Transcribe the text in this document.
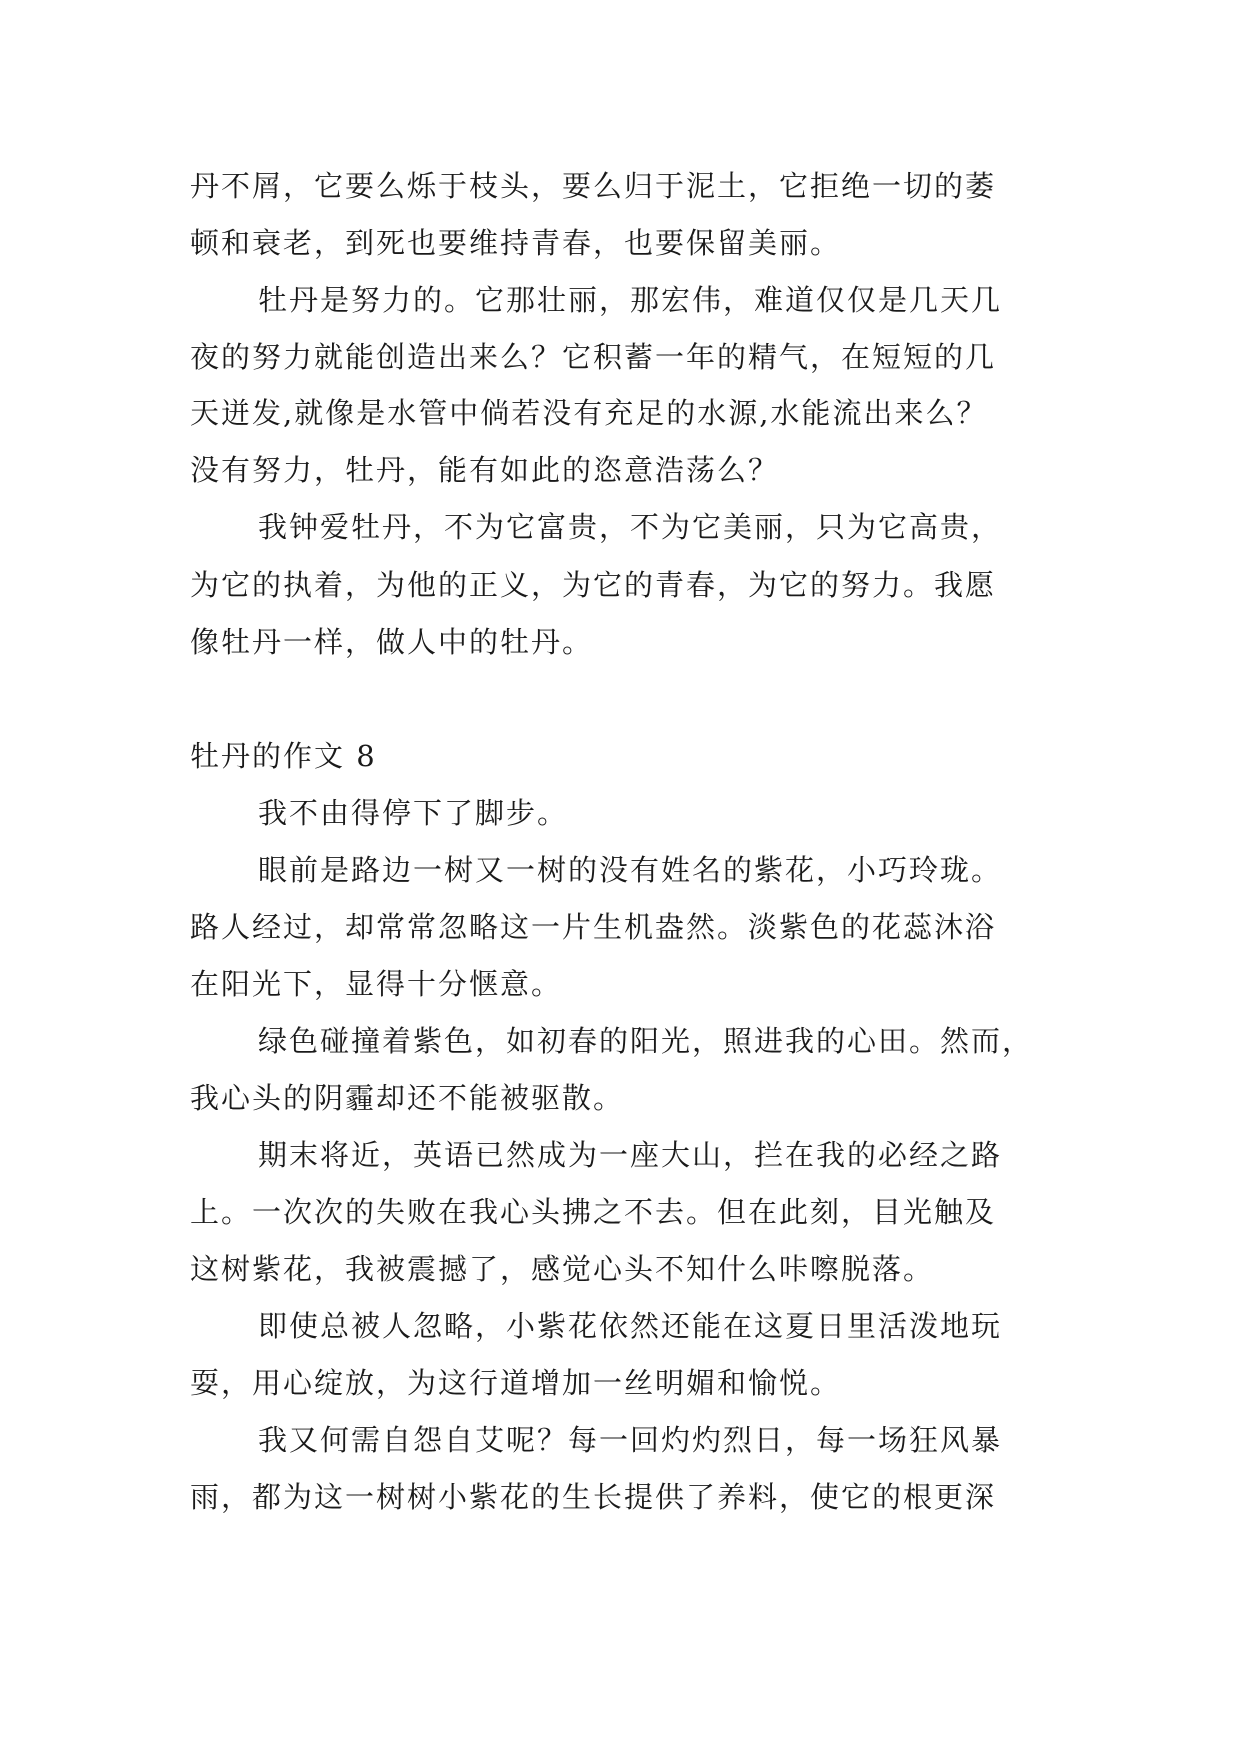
丹不屑，它要么烁于枝头，要么归于泥土，它拒绝一切的萎
顿和衰老，到死也要维持青春，也要保留美丽。
牡丹是努力的。它那壮丽，那宏伟，难道仅仅是几天几
夜的努力就能创造出来么？它积蓄一年的精气，在短短的几
天迸发,就像是水管中倘若没有充足的水源,水能流出来么？
没有努力，牡丹，能有如此的恣意浩荡么？
我钟爱牡丹，不为它富贵，不为它美丽，只为它高贵，
为它的执着，为他的正义，为它的青春，为它的努力。我愿
像牡丹一样，做人中的牡丹。
牡丹的作文 8
我不由得停下了脚步。
眼前是路边一树又一树的没有姓名的紫花，小巧玲珑。
路人经过，却常常忽略这一片生机盎然。淡紫色的花蕊沐浴
在阳光下，显得十分惬意。
绿色碰撞着紫色，如初春的阳光，照进我的心田。然而，
我心头的阴霾却还不能被驱散。
期末将近，英语已然成为一座大山，拦在我的必经之路
上。一次次的失败在我心头拂之不去。但在此刻，目光触及
这树紫花，我被震撼了，感觉心头不知什么咔嚓脱落。
即使总被人忽略，小紫花依然还能在这夏日里活泼地玩
耍，用心绽放，为这行道增加一丝明媚和愉悦。
我又何需自怨自艾呢？每一回灼灼烈日，每一场狂风暴
雨，都为这一树树小紫花的生长提供了养料，使它的根更深
